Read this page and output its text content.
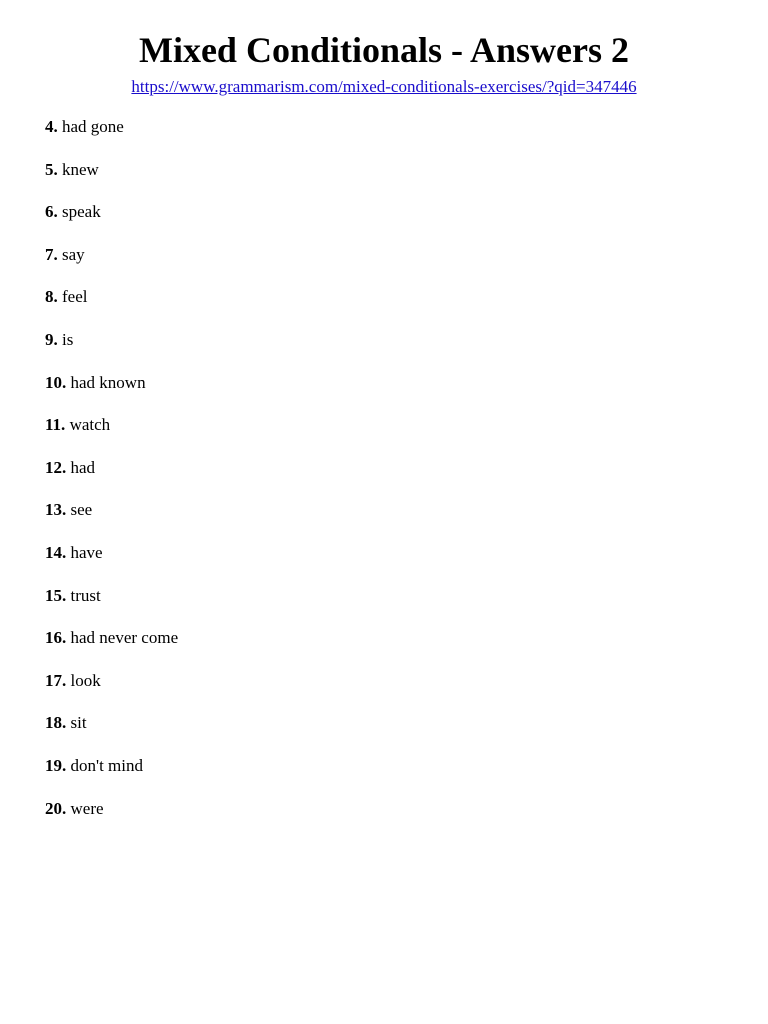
Mixed Conditionals - Answers 2
https://www.grammarism.com/mixed-conditionals-exercises/?qid=347446
4. had gone
5. knew
6. speak
7. say
8. feel
9. is
10. had known
11. watch
12. had
13. see
14. have
15. trust
16. had never come
17. look
18. sit
19. don't mind
20. were
